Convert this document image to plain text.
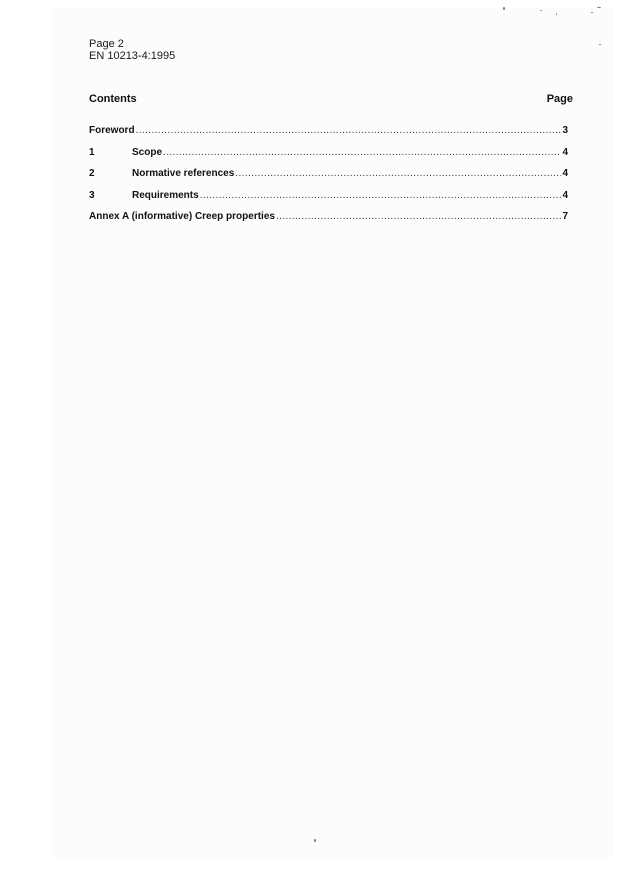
Page 2
EN 10213-4:1995
Contents	Page
Foreword .....	3
1	Scope .....	4
2	Normative references .....	4
3	Requirements .....	4
Annex A (informative) Creep properties .....	7
